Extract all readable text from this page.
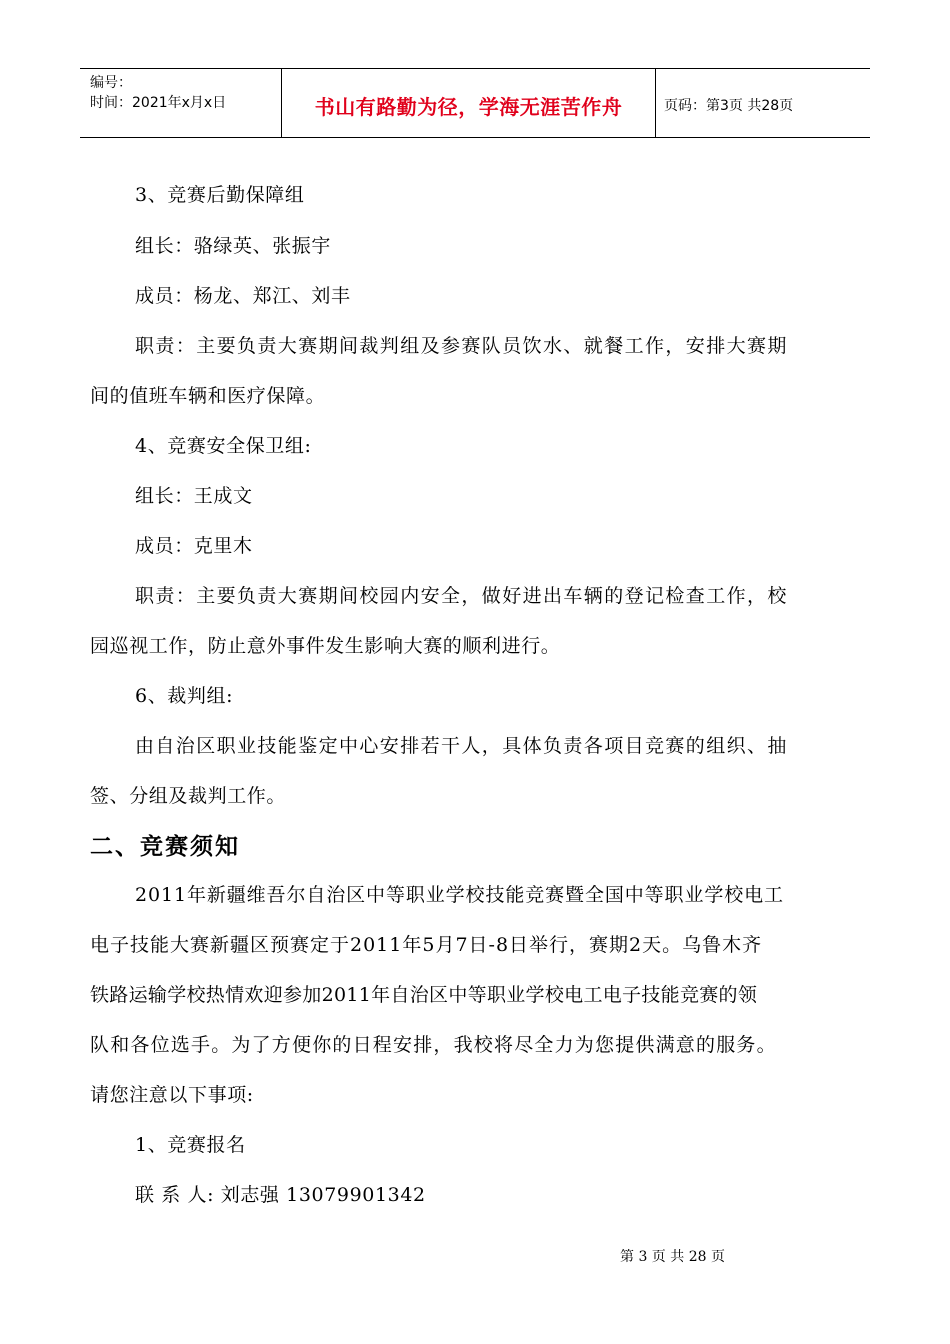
编号：
时间：2021年x月x日	书山有路勤为径，学海无涯苦作舟	页码：第3页 共28页
3、竞赛后勤保障组
组长：骆绿英、张振宇
成员：杨龙、郑江、刘丰
职责：主要负责大赛期间裁判组及参赛队员饮水、就餐工作，安排大赛期
间的值班车辆和医疗保障。
4、竞赛安全保卫组:
组长：王成文
成员：克里木
职责：主要负责大赛期间校园内安全，做好进出车辆的登记检查工作，校
园巡视工作，防止意外事件发生影响大赛的顺利进行。
6、裁判组:
由自治区职业技能鉴定中心安排若干人，具体负责各项目竞赛的组织、抽
签、分组及裁判工作。
二、竞赛须知
2011年新疆维吾尔自治区中等职业学校技能竞赛暨全国中等职业学校电工
电子技能大赛新疆区预赛定于2011年5月7日-8日举行，赛期2天。乌鲁木齐
铁路运输学校热情欢迎参加2011年自治区中等职业学校电工电子技能竞赛的领
队和各位选手。为了方便你的日程安排，我校将尽全力为您提供满意的服务。
请您注意以下事项:
1、竞赛报名
联 系 人: 刘志强 13079901342
第 3 页 共 28 页
